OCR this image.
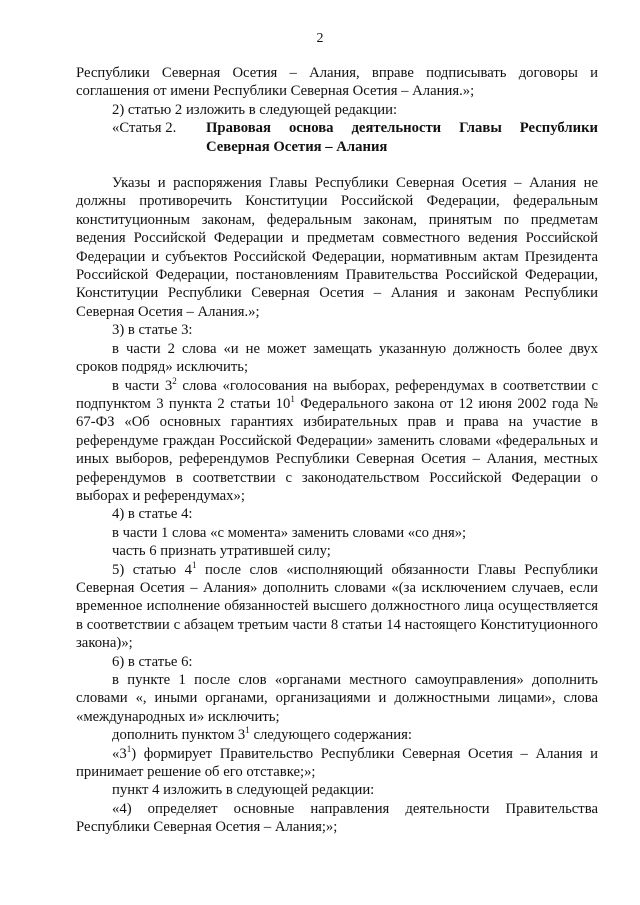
2

Республики Северная Осетия – Алания, вправе подписывать договоры и соглашения от имени Республики Северная Осетия – Алания.»;

2) статью 2 изложить в следующей редакции:

«Статья 2.	Правовая основа деятельности Главы Республики Северная Осетия – Алания

Указы и распоряжения Главы Республики Северная Осетия – Алания не должны противоречить Конституции Российской Федерации, федеральным конституционным законам, федеральным законам, принятым по предметам ведения Российской Федерации и предметам совместного ведения Российской Федерации и субъектов Российской Федерации, нормативным актам Президента Российской Федерации, постановлениям Правительства Российской Федерации, Конституции Республики Северная Осетия – Алания и законам Республики Северная Осетия – Алания.»;

3) в статье 3:

в части 2 слова «и не может замещать указанную должность более двух сроков подряд» исключить;

в части $3^2$ слова «голосования на выборах, референдумах в соответствии с подпунктом 3 пункта 2 статьи $10^1$ Федерального закона от 12 июня 2002 года № 67-ФЗ «Об основных гарантиях избирательных прав и права на участие в референдуме граждан Российской Федерации» заменить словами «федеральных и иных выборов, референдумов Республики Северная Осетия – Алания, местных референдумов в соответствии с законодательством Российской Федерации о выборах и референдумах»;

4) в статье 4:

в части 1 слова «с момента» заменить словами «со дня»;

часть 6 признать утратившей силу;

5) статью $4^1$ после слов «исполняющий обязанности Главы Республики Северная Осетия – Алания» дополнить словами «(за исключением случаев, если временное исполнение обязанностей высшего должностного лица осуществляется в соответствии с абзацем третьим части 8 статьи 14 настоящего Конституционного закона)»;

6) в статье 6:

в пункте 1 после слов «органами местного самоуправления» дополнить словами «, иными органами, организациями и должностными лицами», слова «международных и» исключить;

дополнить пунктом $3^1$ следующего содержания:

«$3^1$) формирует Правительство Республики Северная Осетия – Алания и принимает решение об его отставке;»;

пункт 4 изложить в следующей редакции:

«4) определяет основные направления деятельности Правительства Республики Северная Осетия – Алания;»;
